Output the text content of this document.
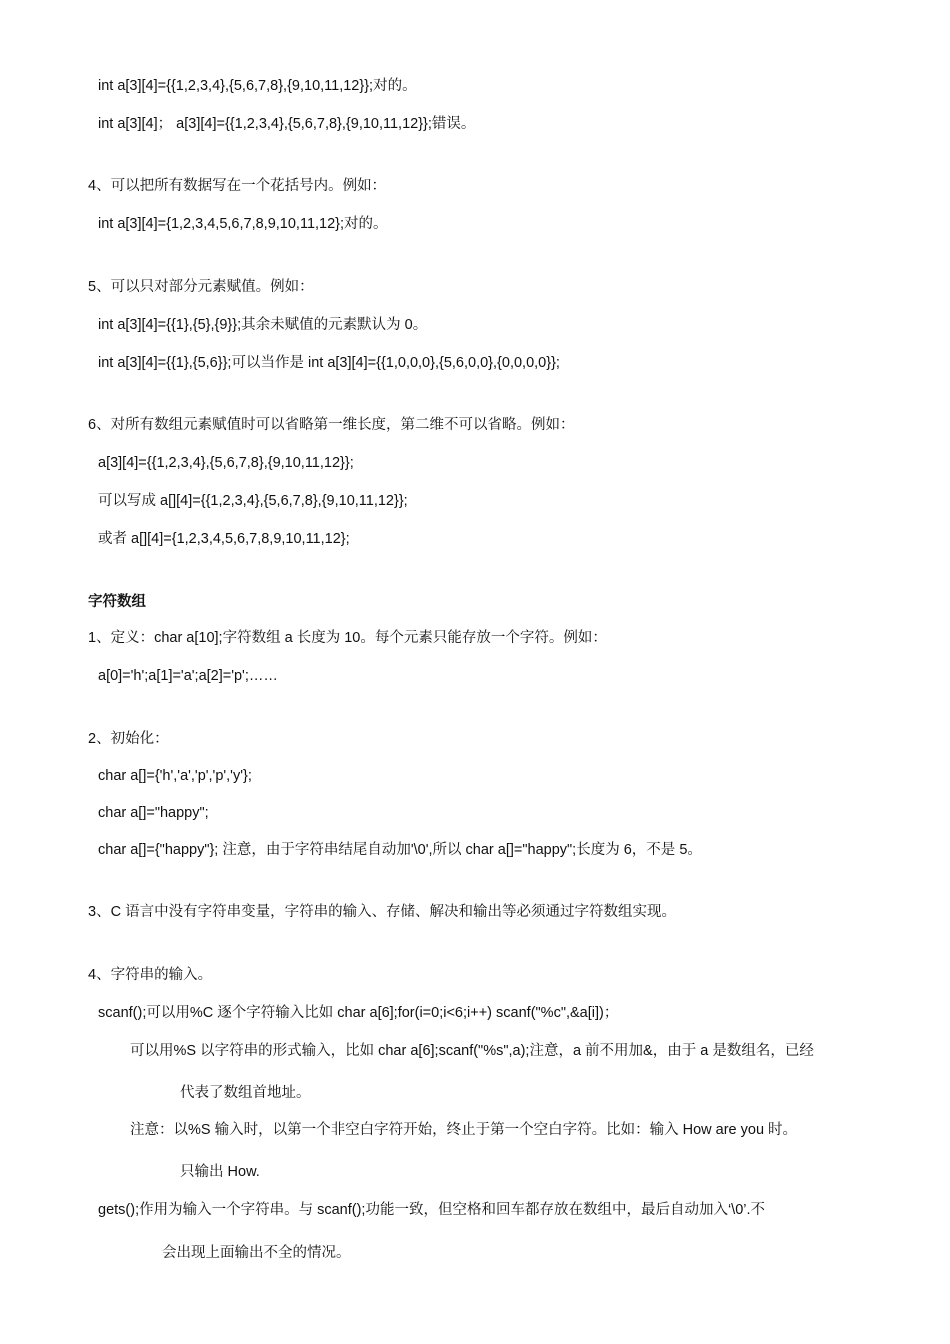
int a[3][4]={{1,2,3,4},{5,6,7,8},{9,10,11,12}};对的。
int a[3][4]； a[3][4]={{1,2,3,4},{5,6,7,8},{9,10,11,12}};错误。
4、可以把所有数据写在一个花括号内。例如：
int a[3][4]={1,2,3,4,5,6,7,8,9,10,11,12};对的。
5、可以只对部分元素赋值。例如：
int a[3][4]={{1},{5},{9}};其余未赋值的元素默认为 0。
int a[3][4]={{1},{5,6}};可以当作是 int a[3][4]={{1,0,0,0},{5,6,0,0},{0,0,0,0}};
6、对所有数组元素赋值时可以省略第一维长度，第二维不可以省略。例如：
a[3][4]={{1,2,3,4},{5,6,7,8},{9,10,11,12}};
可以写成 a[][4]={{1,2,3,4},{5,6,7,8},{9,10,11,12}};
或者 a[][4]={1,2,3,4,5,6,7,8,9,10,11,12};
字符数组
1、定义：char a[10];字符数组 a 长度为 10。每个元素只能存放一个字符。例如：
a[0]='h';a[1]='a';a[2]='p';……
2、初始化：
char a[]={'h','a','p','p','y'};
char a[]="happy";
char a[]={"happy"}; 注意，由于字符串结尾自动加'\0',所以 char a[]="happy";长度为 6，不是 5。
3、C 语言中没有字符串变量，字符串的输入、存储、解决和输出等必须通过字符数组实现。
4、字符串的输入。
scanf();可以用%C 逐个字符输入比如 char a[6];for(i=0;i<6;i++) scanf("%c",&a[i])；
可以用%S 以字符串的形式输入，比如 char a[6];scanf("%s",a);注意，a 前不用加&，由于 a 是数组名，已经
代表了数组首地址。
注意：以%S 输入时，以第一个非空白字符开始，终止于第一个空白字符。比如：输入 How are you 时。
只输出 How.
gets();作用为输入一个字符串。与 scanf();功能一致，但空格和回车都存放在数组中，最后自动加入‘\0’.不
会出现上面输出不全的情况。
